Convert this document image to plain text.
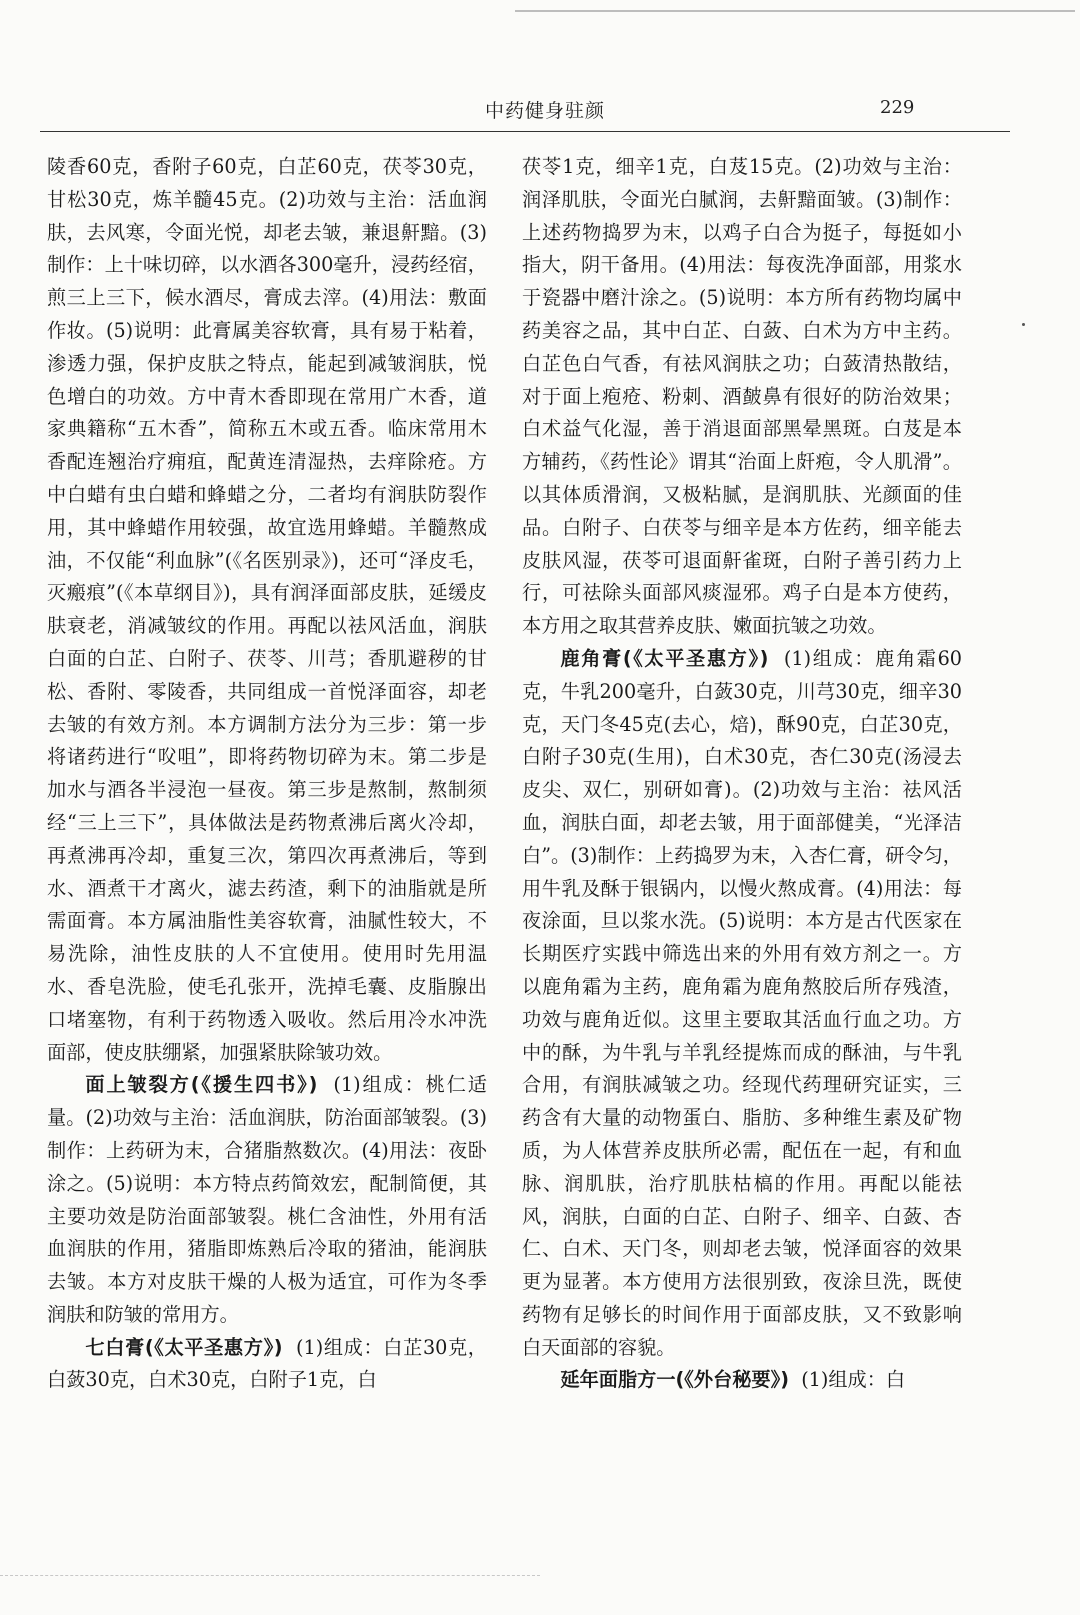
中药健身驻颜	229

陵香60克，香附子60克，白芷60克，茯苓30克，甘松30克，炼羊髓45克。(2)功效与主治：活血润肤，去风寒，令面光悦，却老去皱，兼退鼾黯。(3)制作：上十味切碎，以水酒各300毫升，浸药经宿，煎三上三下，候水酒尽，膏成去滓。(4)用法：敷面作妆。(5)说明：此膏属美容软膏，具有易于粘着，渗透力强，保护皮肤之特点，能起到减皱润肤，悦色增白的功效。方中青木香即现在常用广木香，道家典籍称“五木香”，简称五木或五香。临床常用木香配连翘治疗痈疽，配黄连清湿热，去痒除疮。方中白蜡有虫白蜡和蜂蜡之分，二者均有润肤防裂作用，其中蜂蜡作用较强，故宜选用蜂蜡。羊髓熬成油，不仅能“利血脉”(《名医别录》)，还可“泽皮毛，灭瘢痕”(《本草纲目》)，具有润泽面部皮肤，延缓皮肤衰老，消减皱纹的作用。再配以祛风活血，润肤白面的白芷、白附子、茯苓、川芎；香肌避秽的甘松、香附、零陵香，共同组成一首悦泽面容，却老去皱的有效方剂。本方调制方法分为三步：第一步将诸药进行“㕮咀”，即将药物切碎为末。第二步是加水与酒各半浸泡一昼夜。第三步是熬制，熬制须经“三上三下”，具体做法是药物煮沸后离火冷却，再煮沸再冷却，重复三次，第四次再煮沸后，等到水、酒煮干才离火，滤去药渣，剩下的油脂就是所需面膏。本方属油脂性美容软膏，油腻性较大，不易洗除，油性皮肤的人不宜使用。使用时先用温水、香皂洗脸，使毛孔张开，洗掉毛囊、皮脂腺出口堵塞物，有利于药物透入吸收。然后用冷水冲洗面部，使皮肤绷紧，加强紧肤除皱功效。

面上皱裂方(《援生四书》) (1)组成：桃仁适量。(2)功效与主治：活血润肤，防治面部皱裂。(3)制作：上药研为末，合猪脂熬数次。(4)用法：夜卧涂之。(5)说明：本方特点药简效宏，配制简便，其主要功效是防治面部皱裂。桃仁含油性，外用有活血润肤的作用，猪脂即炼熟后冷取的猪油，能润肤去皱。本方对皮肤干燥的人极为适宜，可作为冬季润肤和防皱的常用方。

七白膏(《太平圣惠方》) (1)组成：白芷30克，白蔹30克，白术30克，白附子1克，白

茯苓1克，细辛1克，白芨15克。(2)功效与主治：润泽肌肤，令面光白腻润，去鼾黯面皱。(3)制作：上述药物捣罗为末，以鸡子白合为挺子，每挺如小指大，阴干备用。(4)用法：每夜洗净面部，用浆水于瓷器中磨汁涂之。(5)说明：本方所有药物均属中药美容之品，其中白芷、白蔹、白术为方中主药。白芷色白气香，有祛风润肤之功；白蔹清热散结，对于面上疱疮、粉刺、酒皶鼻有很好的防治效果；白术益气化湿，善于消退面部黑晕黑斑。白芨是本方辅药，《药性论》谓其“治面上皯疱，令人肌滑”。以其体质滑润，又极粘腻，是润肌肤、光颜面的佳品。白附子、白茯苓与细辛是本方佐药，细辛能去皮肤风湿，茯苓可退面鼾雀斑，白附子善引药力上行，可祛除头面部风痰湿邪。鸡子白是本方使药，本方用之取其营养皮肤、嫩面抗皱之功效。

鹿角膏(《太平圣惠方》) (1)组成：鹿角霜60克，牛乳200毫升，白蔹30克，川芎30克，细辛30克，天门冬45克(去心，焙)，酥90克，白芷30克，白附子30克(生用)，白术30克，杏仁30克(汤浸去皮尖、双仁，别研如膏)。(2)功效与主治：祛风活血，润肤白面，却老去皱，用于面部健美，“光泽洁白”。(3)制作：上药捣罗为末，入杏仁膏，研令匀，用牛乳及酥于银锅内，以慢火熬成膏。(4)用法：每夜涂面，旦以浆水洗。(5)说明：本方是古代医家在长期医疗实践中筛选出来的外用有效方剂之一。方以鹿角霜为主药，鹿角霜为鹿角熬胶后所存残渣，功效与鹿角近似。这里主要取其活血行血之功。方中的酥，为牛乳与羊乳经提炼而成的酥油，与牛乳合用，有润肤减皱之功。经现代药理研究证实，三药含有大量的动物蛋白、脂肪、多种维生素及矿物质，为人体营养皮肤所必需，配伍在一起，有和血脉、润肌肤，治疗肌肤枯槁的作用。再配以能祛风，润肤，白面的白芷、白附子、细辛、白蔹、杏仁、白术、天门冬，则却老去皱，悦泽面容的效果更为显著。本方使用方法很别致，夜涂旦洗，既使药物有足够长的时间作用于面部皮肤，又不致影响白天面部的容貌。

延年面脂方一(《外台秘要》) (1)组成：白
